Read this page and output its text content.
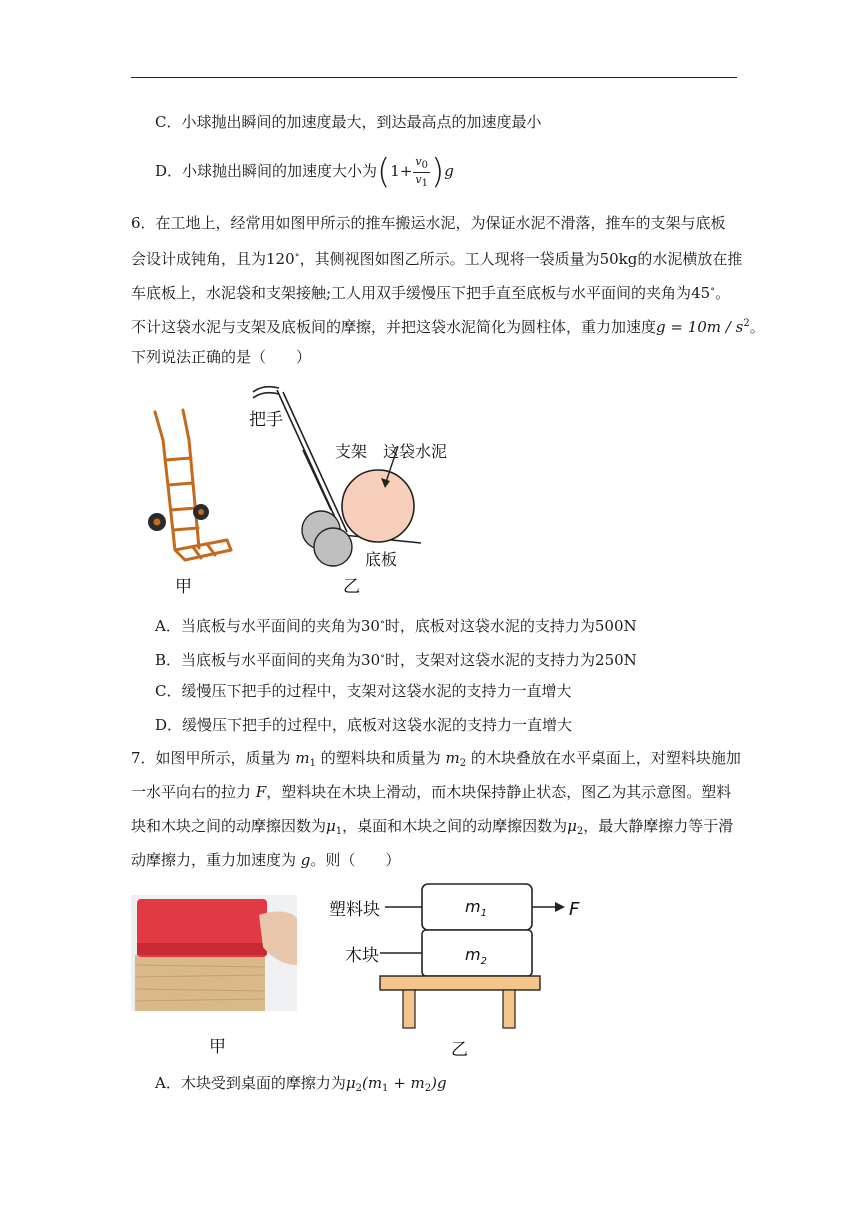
C．小球抛出瞬间的加速度最大，到达最高点的加速度最小
D．小球抛出瞬间的加速度大小为$(1+ \frac{v0}{v1} )g$
6．在工地上，经常用如图甲所示的推车搬运水泥，为保证水泥不滑落，推车的支架与底板
会设计成钝角，且为120∘，其侧视图如图乙所示。工人现将一袋质量为50kg的水泥横放在推
车底板上，水泥袋和支架接触;工人用双手缓慢压下把手直至底板与水平面间的夹角为45∘。
不计这袋水泥与支架及底板间的摩擦，并把这袋水泥简化为圆柱体，重力加速度$g = 10m / s^2$。
下列说法正确的是（　　）
甲
把手
支架 这袋水泥
底板
乙
A．当底板与水平面间的夹角为30∘时，底板对这袋水泥的支持力为500N
B．当底板与水平面间的夹角为30∘时，支架对这袋水泥的支持力为250N
C．缓慢压下把手的过程中，支架对这袋水泥的支持力一直增大
D．缓慢压下把手的过程中，底板对这袋水泥的支持力一直增大
7．如图甲所示，质量为 $m_1$ 的塑料块和质量为 $m_2$ 的木块叠放在水平桌面上，对塑料块施加
一水平向右的拉力 F，塑料块在木块上滑动，而木块保持静止状态，图乙为其示意图。塑料
块和木块之间的动摩擦因数为$\mu_1$，桌面和木块之间的动摩擦因数为$\mu_2$，最大静摩擦力等于滑
动摩擦力，重力加速度为 g。则（　　）
甲
塑料块
木块
$m_1$
$m_2$
F
乙
A．木块受到桌面的摩擦力为$\mu_2(m_1 + m_2)g$
